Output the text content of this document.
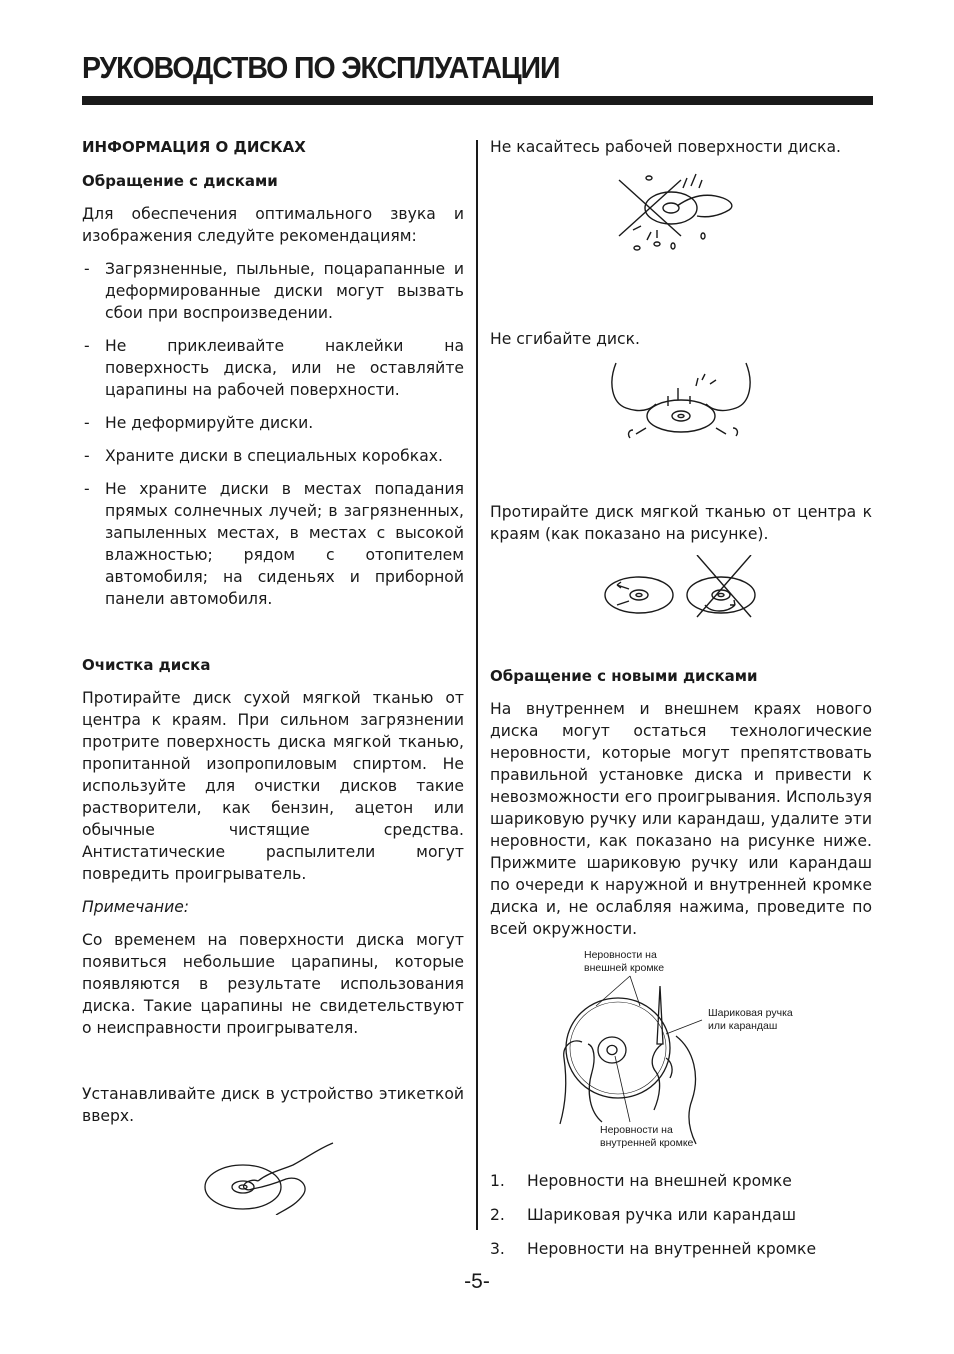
РУКОВОДСТВО ПО ЭКСПЛУАТАЦИИ

ИНФОРМАЦИЯ О ДИСКАХ

Обращение с дисками

Для обеспечения оптимального звука и изображения следуйте рекомендациям:

- Загрязненные, пыльные, поцарапанные и деформированные диски могут вызвать сбои при воспроизведении.
- Не приклеивайте наклейки на поверхность диска, или не оставляйте царапины на рабочей поверхности.
- Не деформируйте диски.
- Храните диски в специальных коробках.
- Не храните диски в местах попадания прямых солнечных лучей; в загрязненных, запыленных местах, в местах с высокой влажностью; рядом с отопителем автомобиля; на сиденьях и приборной панели автомобиля.

Очистка диска

Протирайте диск сухой мягкой тканью от центра к краям. При сильном загрязнении протрите поверхность диска мягкой тканью, пропитанной изопропиловым спиртом. Не используйте для очистки дисков такие растворители, как бензин, ацетон или обычные чистящие средства. Антистатические распылители могут повредить проигрыватель.

Примечание:

Со временем на поверхности диска могут появиться небольшие царапины, которые появляются в результате использования диска. Такие царапины не свидетельствуют о неисправности проигрывателя.

Устанавливайте диск в устройство этикеткой вверх.

Не касайтесь рабочей поверхности диска.

Не сгибайте диск.

Протирайте диск мягкой тканью от центра к краям (как показано на рисунке).

Обращение с новыми дисками

На внутреннем и внешнем краях нового диска могут остаться технологические неровности, которые могут препятствовать правильной установке диска и привести к невозможности его проигрывания. Используя шариковую ручку или карандаш, удалите эти неровности, как показано на рисунке ниже. Прижмите шариковую ручку или карандаш по очереди к наружной и внутренней кромке диска и, не ослабляя нажима, проведите по всей окружности.

Неровности на
внешней кромке
Шариковая ручка
или карандаш
Неровности на
внутренней кромке
1.	Неровности на внешней кромке
2.	Шариковая ручка или карандаш
3.	Неровности на внутренней кромке
-5-
